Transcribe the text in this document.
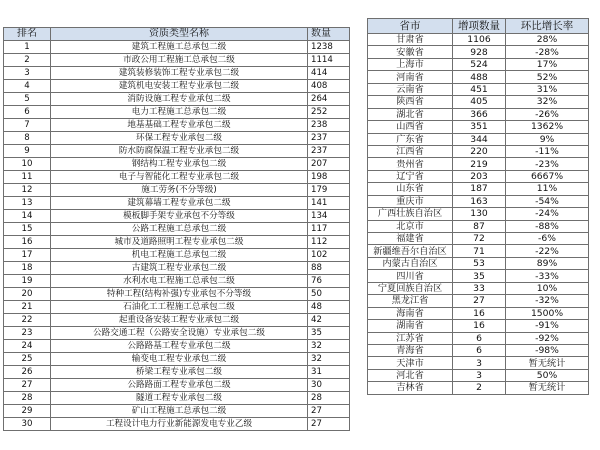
排名	资质类型名称	数量
1	建筑工程施工总承包二级	1238
2	市政公用工程施工总承包二级	1114
3	建筑装修装饰工程专业承包二级	414
4	建筑机电安装工程专业承包二级	408
5	消防设施工程专业承包二级	264
6	电力工程施工总承包二级	252
7	地基基础工程专业承包二级	238
8	环保工程专业承包二级	237
9	防水防腐保温工程专业承包二级	237
10	钢结构工程专业承包二级	207
11	电子与智能化工程专业承包二级	198
12	施工劳务(不分等级)	179
13	建筑幕墙工程专业承包二级	141
14	模板脚手架专业承包不分等级	134
15	公路工程施工总承包二级	117
16	城市及道路照明工程专业承包二级	112
17	机电工程施工总承包二级	102
18	古建筑工程专业承包二级	88
19	水利水电工程施工总承包二级	76
20	特种工程(结构补强)专业承包不分等级	50
21	石油化工工程施工总承包二级	48
22	起重设备安装工程专业承包二级	42
23	公路交通工程（公路安全设施）专业承包二级	35
24	公路路基工程专业承包二级	32
25	输变电工程专业承包二级	32
26	桥梁工程专业承包二级	31
27	公路路面工程专业承包二级	30
28	隧道工程专业承包二级	28
29	矿山工程施工总承包二级	27
30	工程设计电力行业新能源发电专业乙级	27
省市	增项数量	环比增长率
甘肃省	1106	28%
安徽省	928	-28%
上海市	524	17%
河南省	488	52%
云南省	451	31%
陕西省	405	32%
湖北省	366	-26%
山西省	351	1362%
广东省	344	9%
江西省	220	-11%
贵州省	219	-23%
辽宁省	203	6667%
山东省	187	11%
重庆市	163	-54%
广西壮族自治区	130	-24%
北京市	87	-88%
福建省	72	-6%
新疆维吾尔自治区	71	-22%
内蒙古自治区	53	89%
四川省	35	-33%
宁夏回族自治区	33	10%
黑龙江省	27	-32%
海南省	16	1500%
湖南省	16	-91%
江苏省	6	-92%
青海省	6	-98%
天津市	3	暂无统计
河北省	3	50%
吉林省	2	暂无统计
